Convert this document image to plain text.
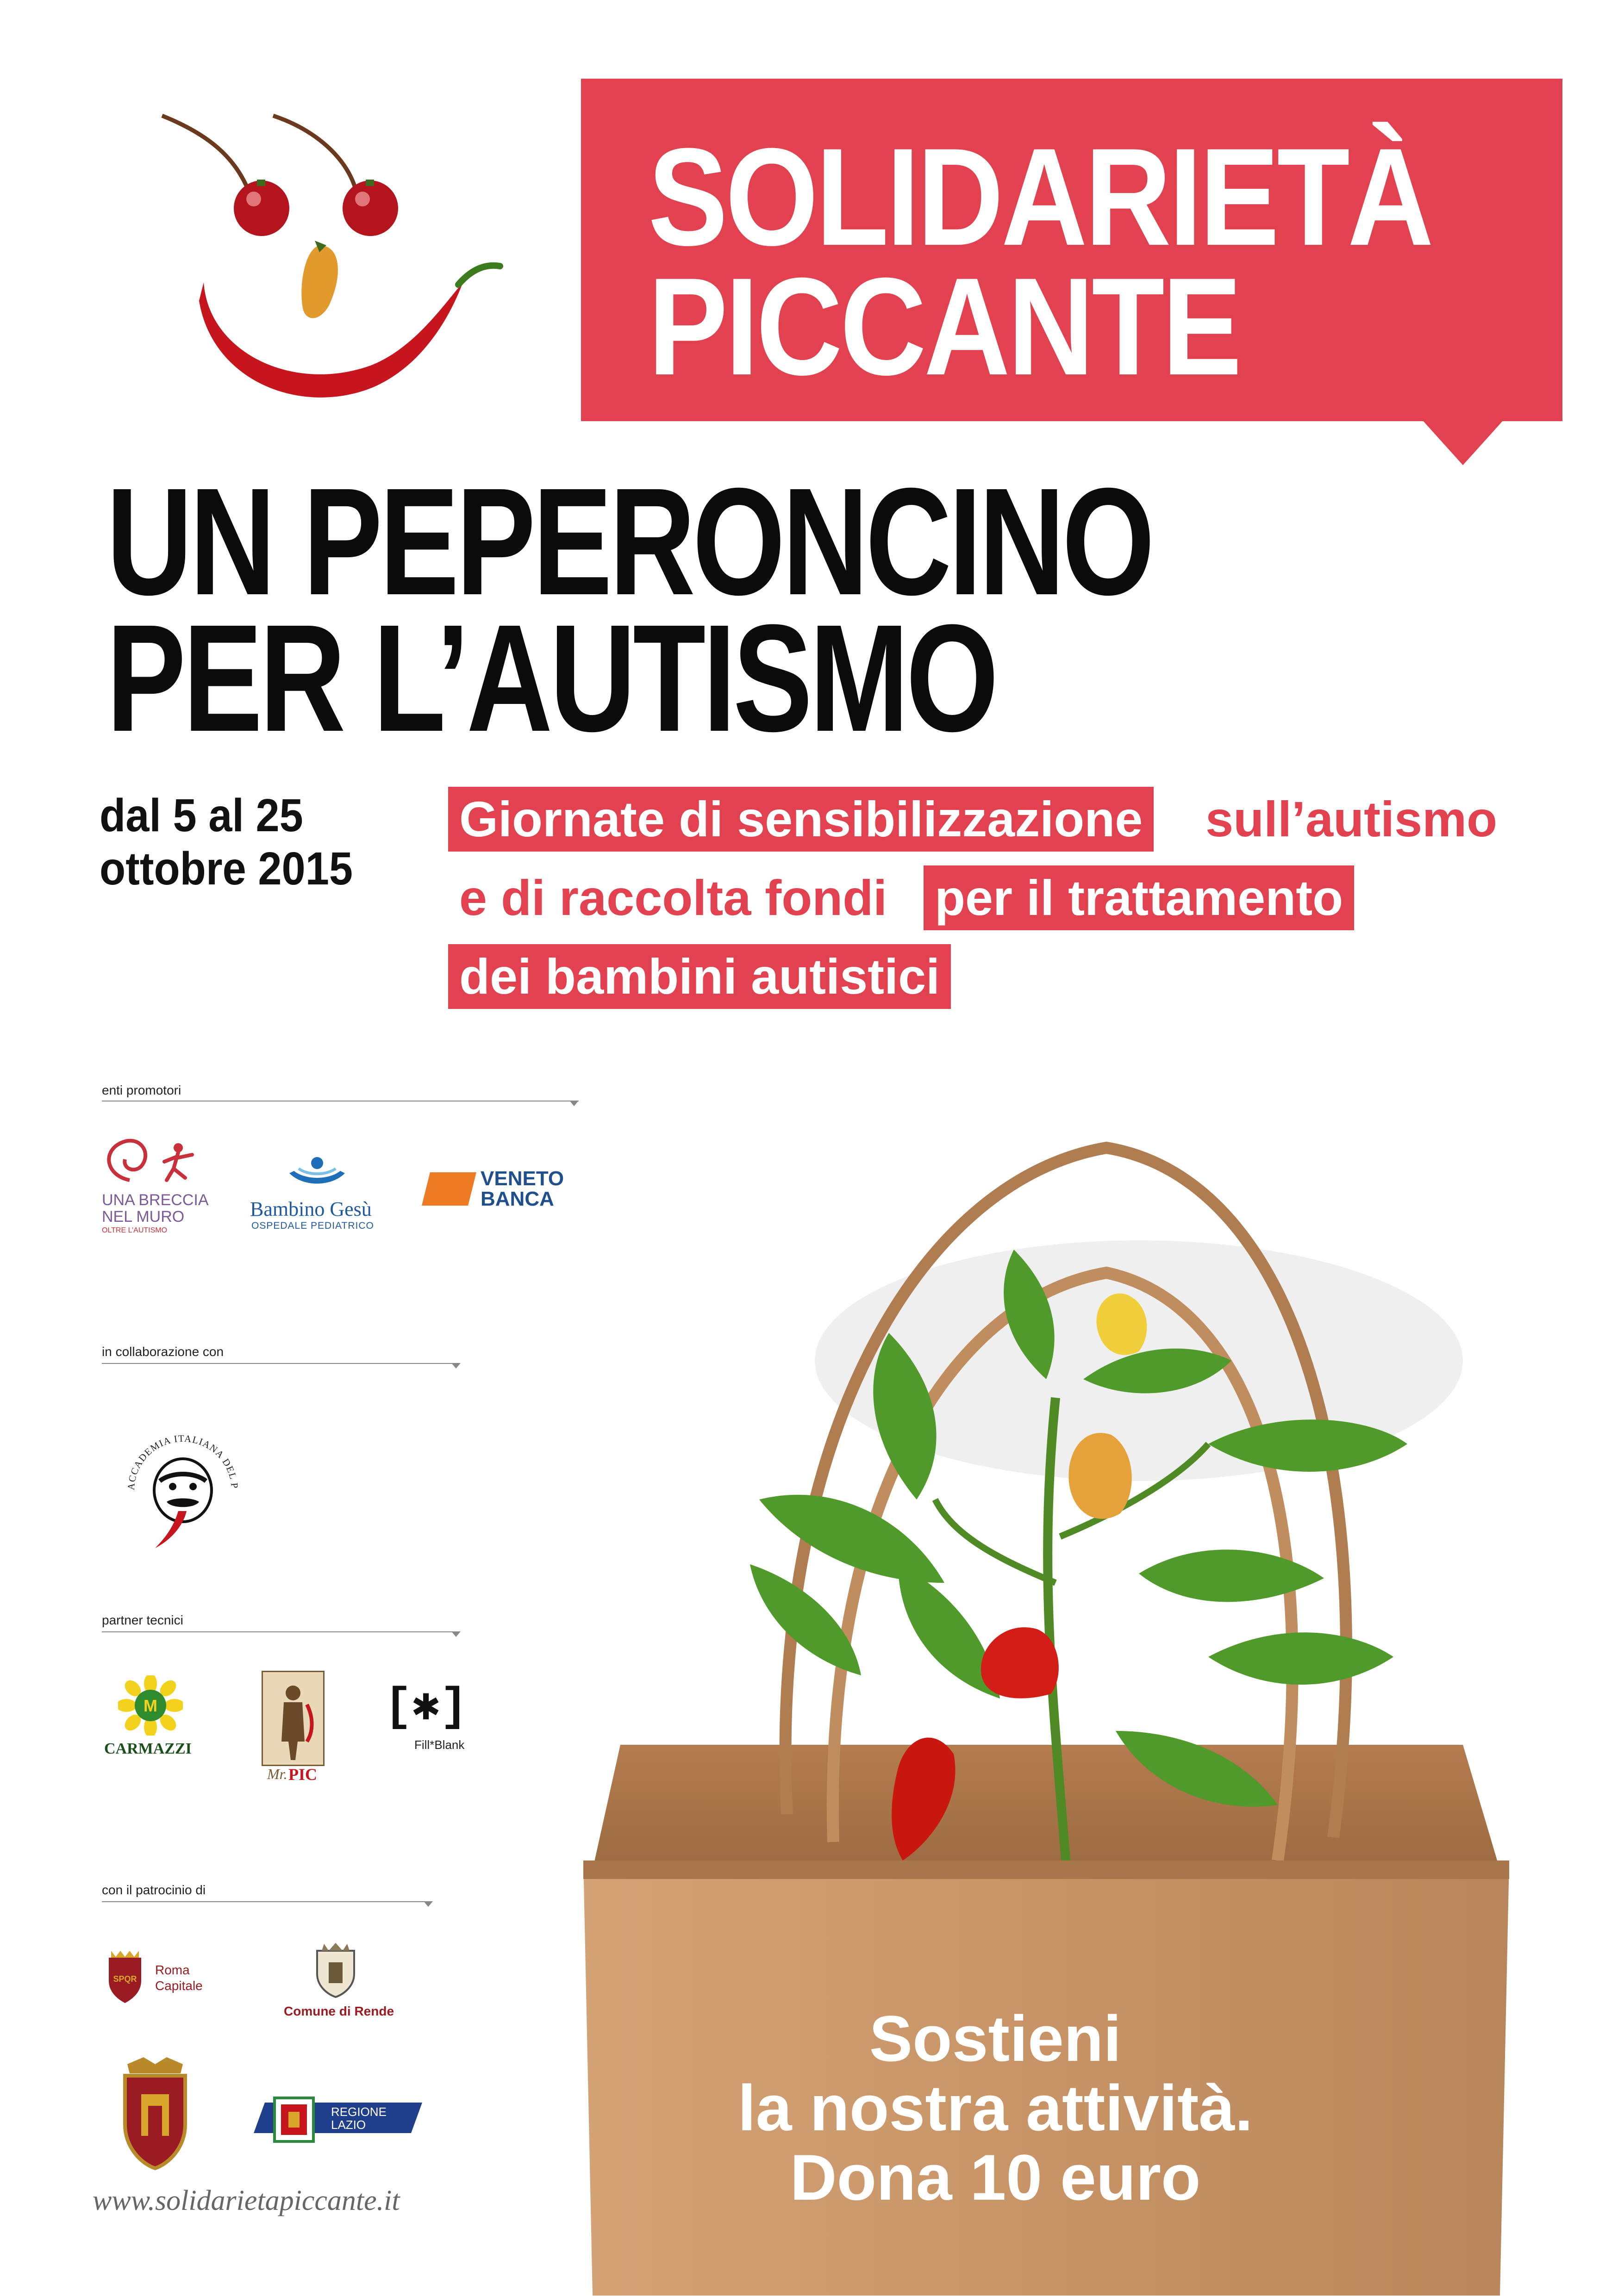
SOLIDARIETÀ
PICCANTE
UN PEPERONCINO
PER L’AUTISMO
dal 5 al 25
ottobre 2015
Giornate di sensibilizzazione sull’autismo
e di raccolta fondi per il trattamento
dei bambini autistici
enti promotori
UNA BRECCIA
NEL MURO
OLTRE L’AUTISMO
Bambino Gesù
OSPEDALE PEDIATRICO
VENETO
BANCA
in collaborazione con
ACCADEMIA ITALIANA DEL P
partner tecnici
M
CARMAZZI
Mr. PIC
[✱]
Fill*Blank
con il patrocinio di
SPQR
Roma
Capitale
Comune di Rende
REGIONE
LAZIO
Sostieni
la nostra attività.
Dona 10 euro
www.solidarietapiccante.it
